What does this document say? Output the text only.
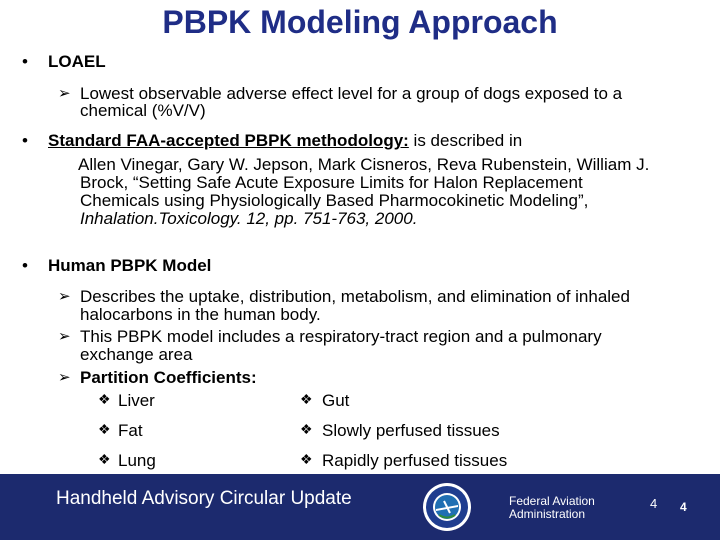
PBPK Modeling Approach
• LOAEL
➢ Lowest observable adverse effect level for a group of dogs exposed to a
chemical (%V/V)
• Standard FAA-accepted PBPK methodology: is described in
Allen Vinegar, Gary W. Jepson, Mark Cisneros, Reva Rubenstein, William J.
Brock, “Setting Safe Acute Exposure Limits for Halon Replacement
Chemicals using Physiologically Based Pharmocokinetic Modeling”,
Inhalation.Toxicology. 12, pp. 751-763, 2000.
• Human PBPK Model
➢ Describes the uptake, distribution, metabolism, and elimination of inhaled
halocarbons in the human body.
➢ This PBPK model includes a respiratory-tract region and a pulmonary
exchange area
➢ Partition Coefficients:
❖ Liver	❖ Gut
❖ Fat	❖ Slowly perfused tissues
❖ Lung	❖ Rapidly perfused tissues
Handheld Advisory Circular Update	Federal Aviation
Administration
4 4
